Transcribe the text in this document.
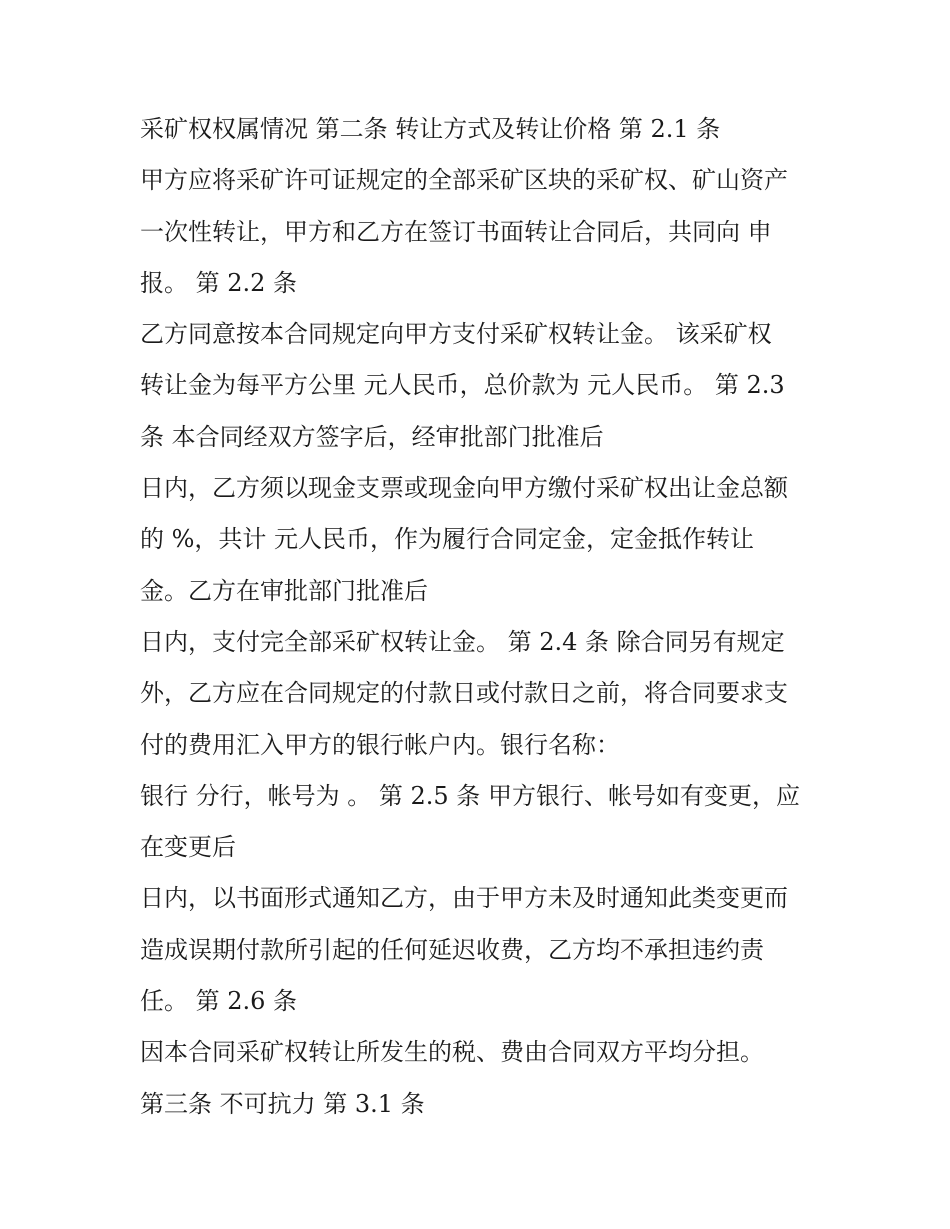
采矿权权属情况 第二条 转让方式及转让价格 第 2.1 条
甲方应将采矿许可证规定的全部采矿区块的采矿权、矿山资产
一次性转让，甲方和乙方在签订书面转让合同后，共同向 申
报。 第 2.2 条
乙方同意按本合同规定向甲方支付采矿权转让金。 该采矿权
转让金为每平方公里 元人民币，总价款为 元人民币。 第 2.3
条 本合同经双方签字后，经审批部门批准后
日内，乙方须以现金支票或现金向甲方缴付采矿权出让金总额
的 %，共计 元人民币，作为履行合同定金，定金抵作转让
金。乙方在审批部门批准后
日内，支付完全部采矿权转让金。 第 2.4 条 除合同另有规定
外，乙方应在合同规定的付款日或付款日之前，将合同要求支
付的费用汇入甲方的银行帐户内。银行名称：
银行 分行，帐号为 。 第 2.5 条 甲方银行、帐号如有变更，应
在变更后
日内，以书面形式通知乙方，由于甲方未及时通知此类变更而
造成误期付款所引起的任何延迟收费，乙方均不承担违约责
任。 第 2.6 条
因本合同采矿权转让所发生的税、费由合同双方平均分担。
第三条 不可抗力 第 3.1 条
